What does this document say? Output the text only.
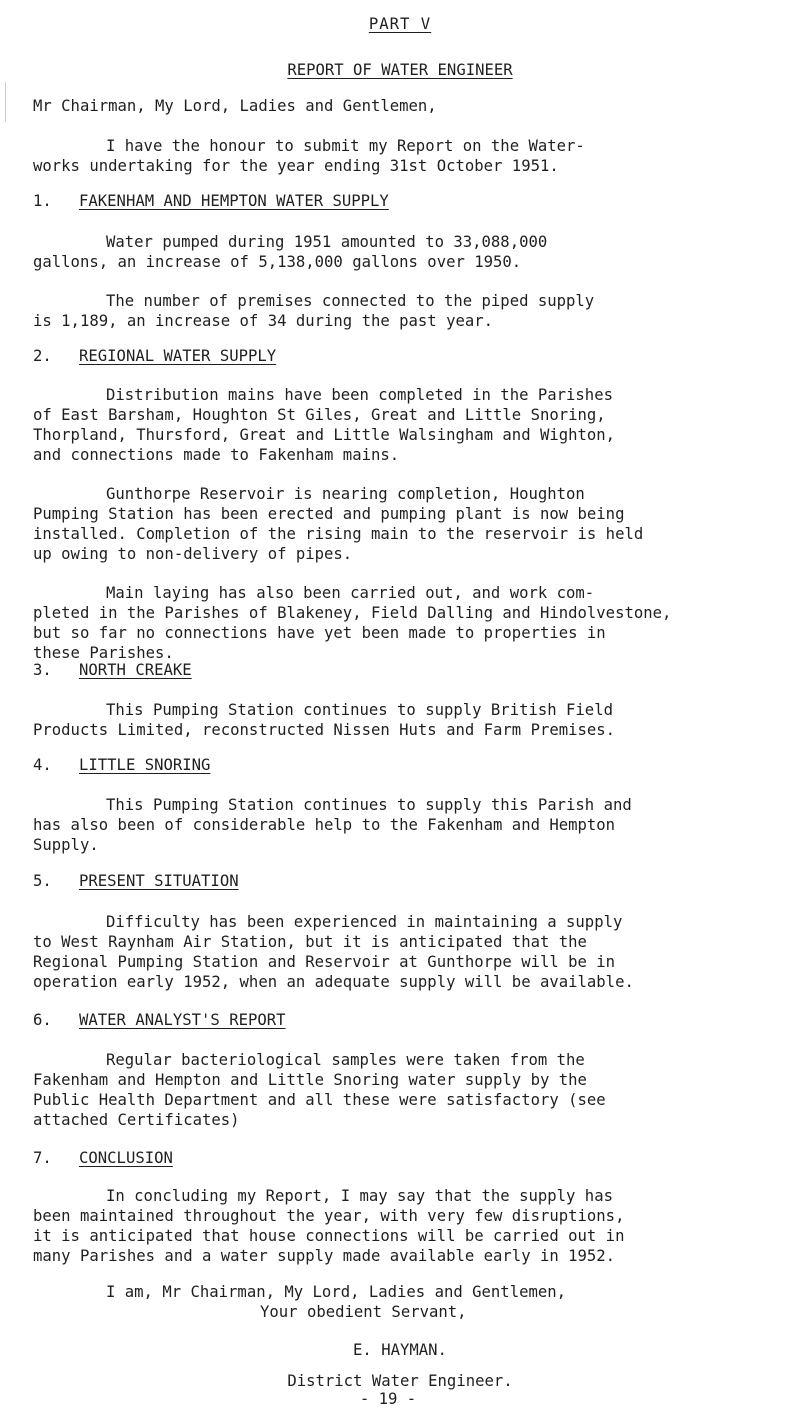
PART V
REPORT OF WATER ENGINEER
Mr Chairman, My Lord, Ladies and Gentlemen,

I have the honour to submit my Report on the Water-

works undertaking for the year ending 31st October 1951.

1. FAKENHAM AND HEMPTON WATER SUPPLY

Water pumped during 1951 amounted to 33,088,000

gallons, an increase of 5,138,000 gallons over 1950.

The number of premises connected to the piped supply

is 1,189, an increase of 34 during the past year.

2. REGIONAL WATER SUPPLY

Distribution mains have been completed in the Parishes

of East Barsham, Houghton St Giles, Great and Little Snoring,

Thorpland, Thursford, Great and Little Walsingham and Wighton,

and connections made to Fakenham mains.

Gunthorpe Reservoir is nearing completion, Houghton

Pumping Station has been erected and pumping plant is now being

installed. Completion of the rising main to the reservoir is held

up owing to non-delivery of pipes.

Main laying has also been carried out, and work com-

pleted in the Parishes of Blakeney, Field Dalling and Hindolvestone,

but so far no connections have yet been made to properties in

these Parishes.

3. NORTH CREAKE

This Pumping Station continues to supply British Field

Products Limited, reconstructed Nissen Huts and Farm Premises.

4. LITTLE SNORING

This Pumping Station continues to supply this Parish and

has also been of considerable help to the Fakenham and Hempton

Supply.

5. PRESENT SITUATION

Difficulty has been experienced in maintaining a supply

to West Raynham Air Station, but it is anticipated that the

Regional Pumping Station and Reservoir at Gunthorpe will be in

operation early 1952, when an adequate supply will be available.

6. WATER ANALYST'S REPORT

Regular bacteriological samples were taken from the

Fakenham and Hempton and Little Snoring water supply by the

Public Health Department and all these were satisfactory (see

attached Certificates)

7. CONCLUSION

In concluding my Report, I may say that the supply has

been maintained throughout the year, with very few disruptions,

it is anticipated that house connections will be carried out in

many Parishes and a water supply made available early in 1952.

I am, Mr Chairman, My Lord, Ladies and Gentlemen,

Your obedient Servant,

E. HAYMAN.
District Water Engineer.
- 19 -
